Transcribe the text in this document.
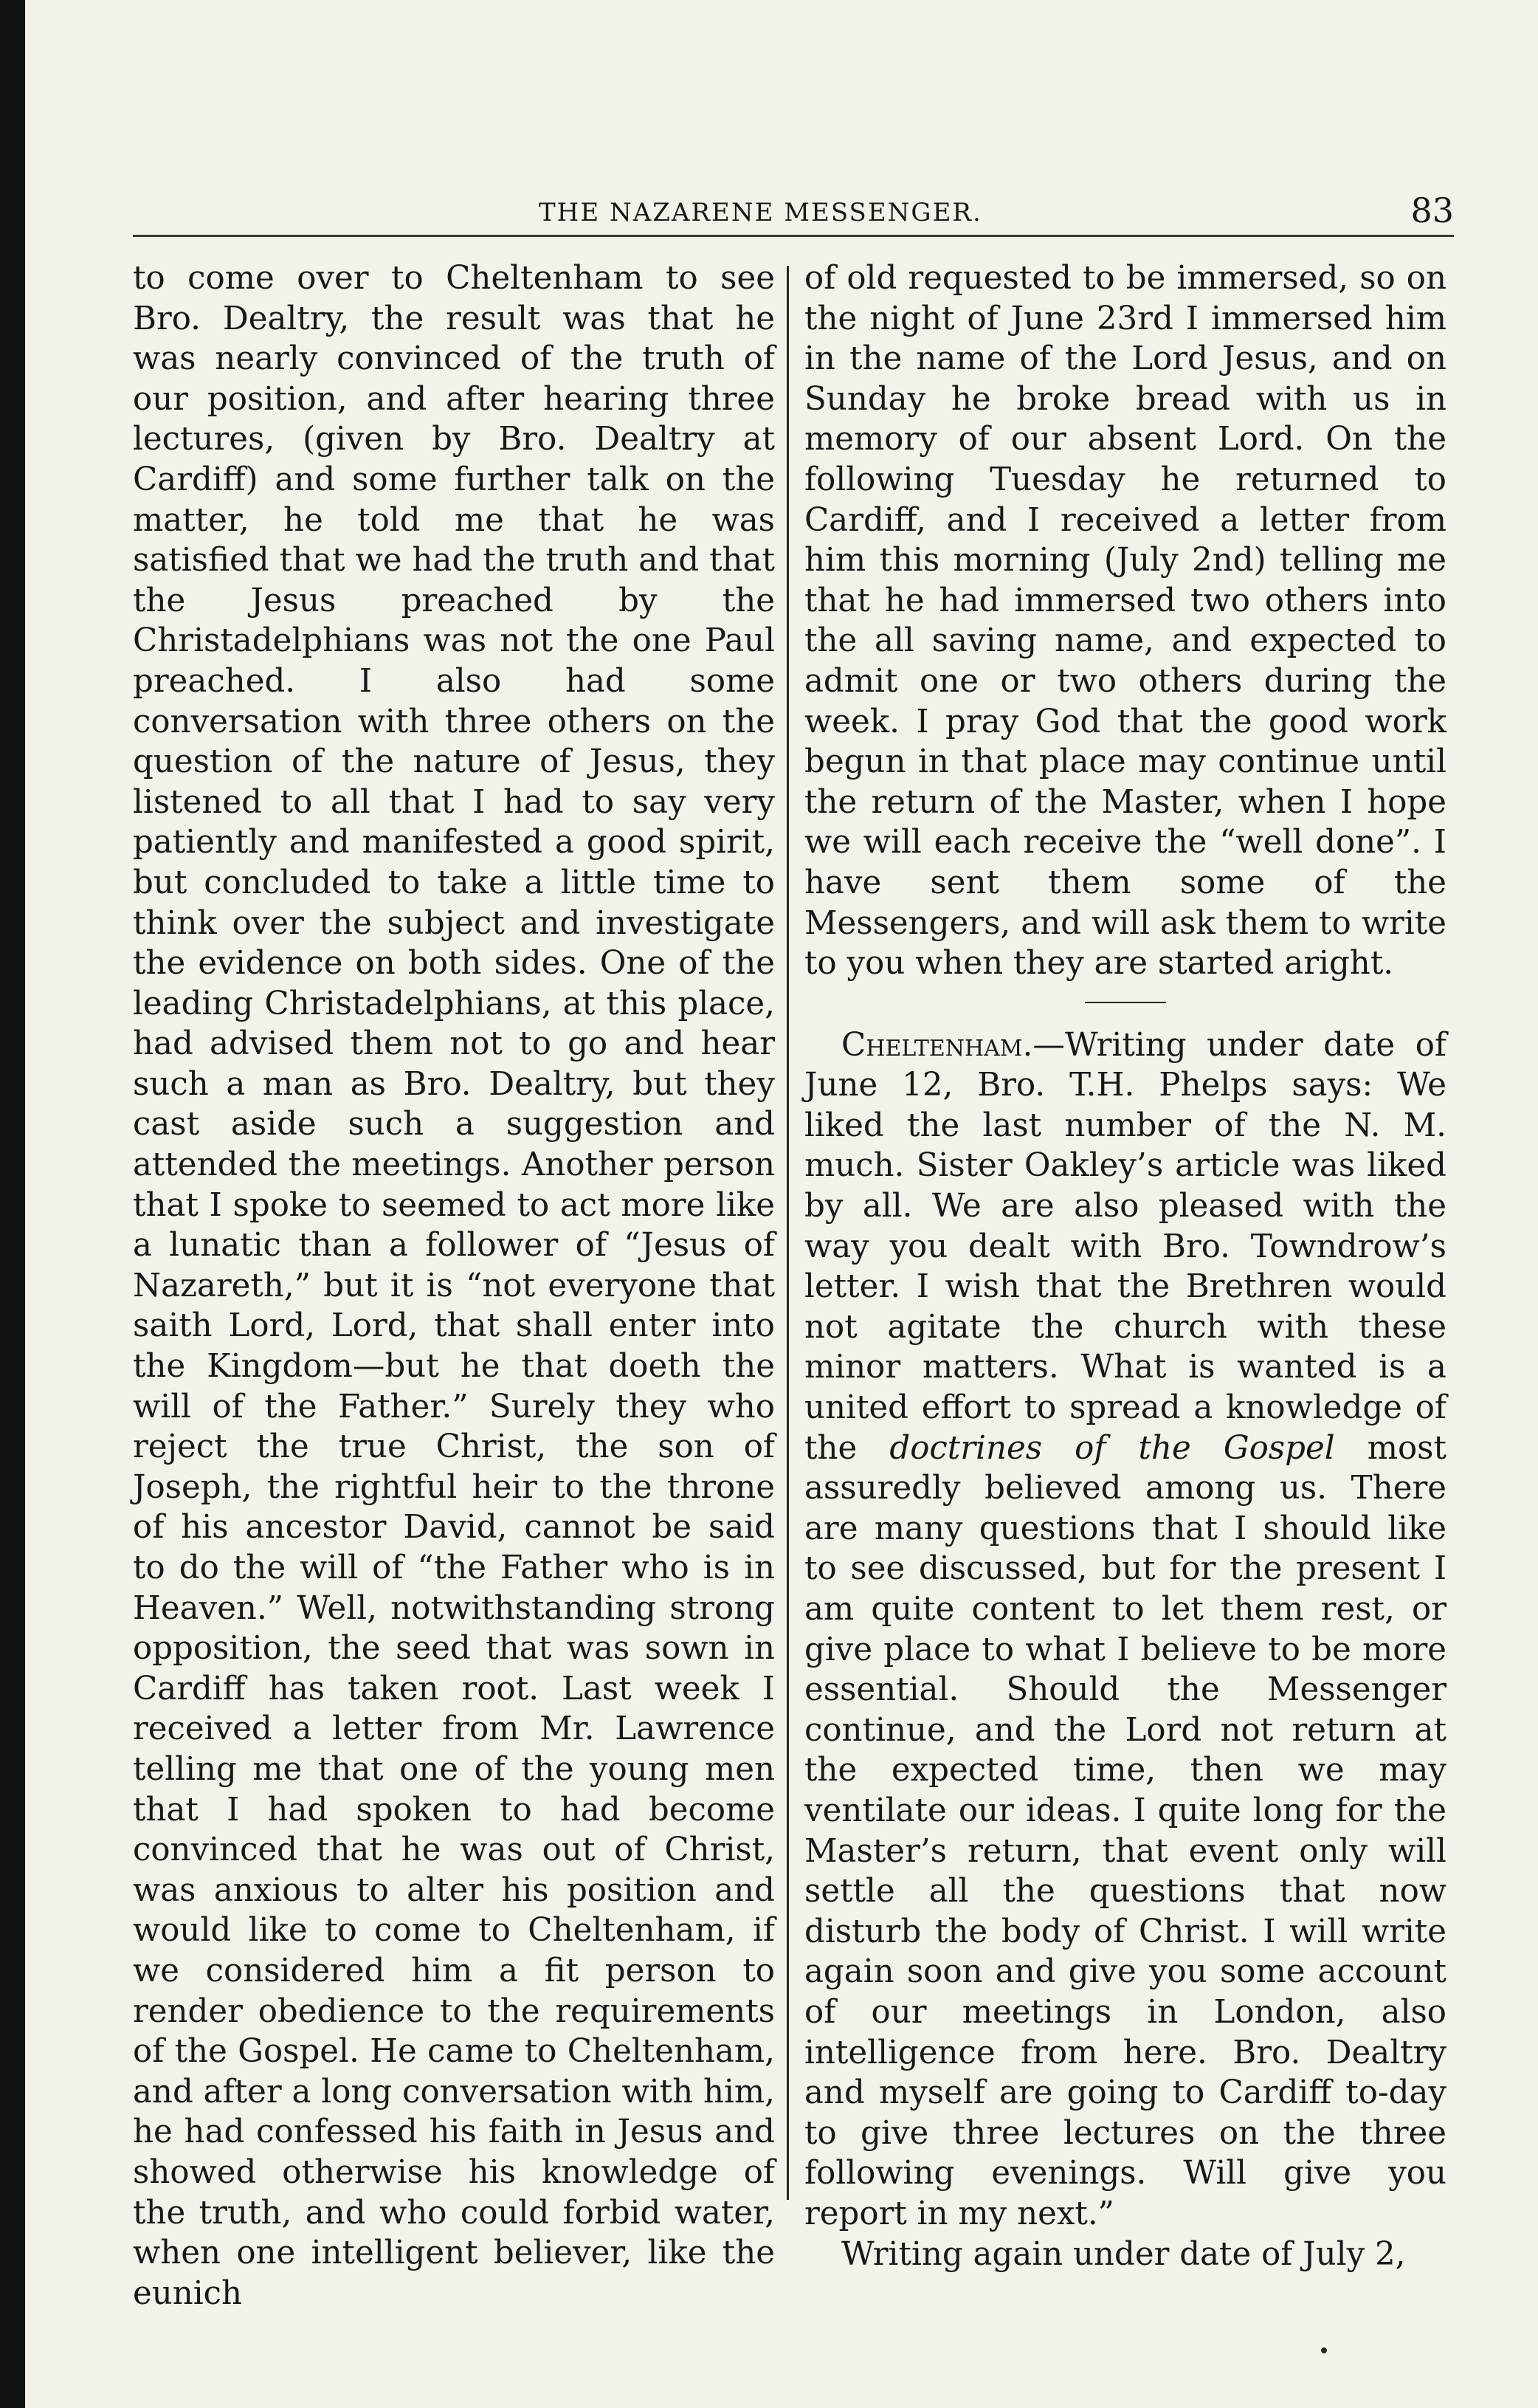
THE NAZARENE MESSENGER.	83

to come over to Cheltenham to see Bro. Dealtry, the result was that he was nearly convinced of the truth of our position, and after hearing three lectures, (given by Bro. Dealtry at Cardiff) and some further talk on the matter, he told me that he was satisfied that we had the truth and that the Jesus preached by the Christadelphians was not the one Paul preached. I also had some conversation with three others on the question of the nature of Jesus, they listened to all that I had to say very patiently and manifested a good spirit, but concluded to take a little time to think over the subject and investigate the evidence on both sides. One of the leading Christadelphians, at this place, had advised them not to go and hear such a man as Bro. Dealtry, but they cast aside such a suggestion and attended the meetings. Another person that I spoke to seemed to act more like a lunatic than a follower of “Jesus of Nazareth,” but it is “not everyone that saith Lord, Lord, that shall enter into the Kingdom—but he that doeth the will of the Father.” Surely they who reject the true Christ, the son of Joseph, the rightful heir to the throne of his ancestor David, cannot be said to do the will of “the Father who is in Heaven.” Well, notwithstanding strong opposition, the seed that was sown in Cardiff has taken root. Last week I received a letter from Mr. Lawrence telling me that one of the young men that I had spoken to had become convinced that he was out of Christ, was anxious to alter his position and would like to come to Cheltenham, if we considered him a fit person to render obedience to the requirements of the Gospel. He came to Cheltenham, and after a long conversation with him, he had confessed his faith in Jesus and showed otherwise his knowledge of the truth, and who could forbid water, when one intelligent believer, like the eunich

of old requested to be immersed, so on the night of June 23rd I immersed him in the name of the Lord Jesus, and on Sunday he broke bread with us in memory of our absent Lord. On the following Tuesday he returned to Cardiff, and I received a letter from him this morning (July 2nd) telling me that he had immersed two others into the all saving name, and expected to admit one or two others during the week. I pray God that the good work begun in that place may continue until the return of the Master, when I hope we will each receive the “well done”. I have sent them some of the Messengers, and will ask them to write to you when they are started aright.

Cheltenham.—Writing under date of June 12, Bro. T.H. Phelps says: We liked the last number of the N. M. much. Sister Oakley’s article was liked by all. We are also pleased with the way you dealt with Bro. Towndrow’s letter. I wish that the Brethren would not agitate the church with these minor matters. What is wanted is a united effort to spread a knowledge of the doctrines of the Gospel most assuredly believed among us. There are many questions that I should like to see discussed, but for the present I am quite content to let them rest, or give place to what I believe to be more essential. Should the Messenger continue, and the Lord not return at the expected time, then we may ventilate our ideas. I quite long for the Master’s return, that event only will settle all the questions that now disturb the body of Christ. I will write again soon and give you some account of our meetings in London, also intelligence from here. Bro. Dealtry and myself are going to Cardiff to-day to give three lectures on the three following evenings. Will give you report in my next.”

Writing again under date of July 2,
